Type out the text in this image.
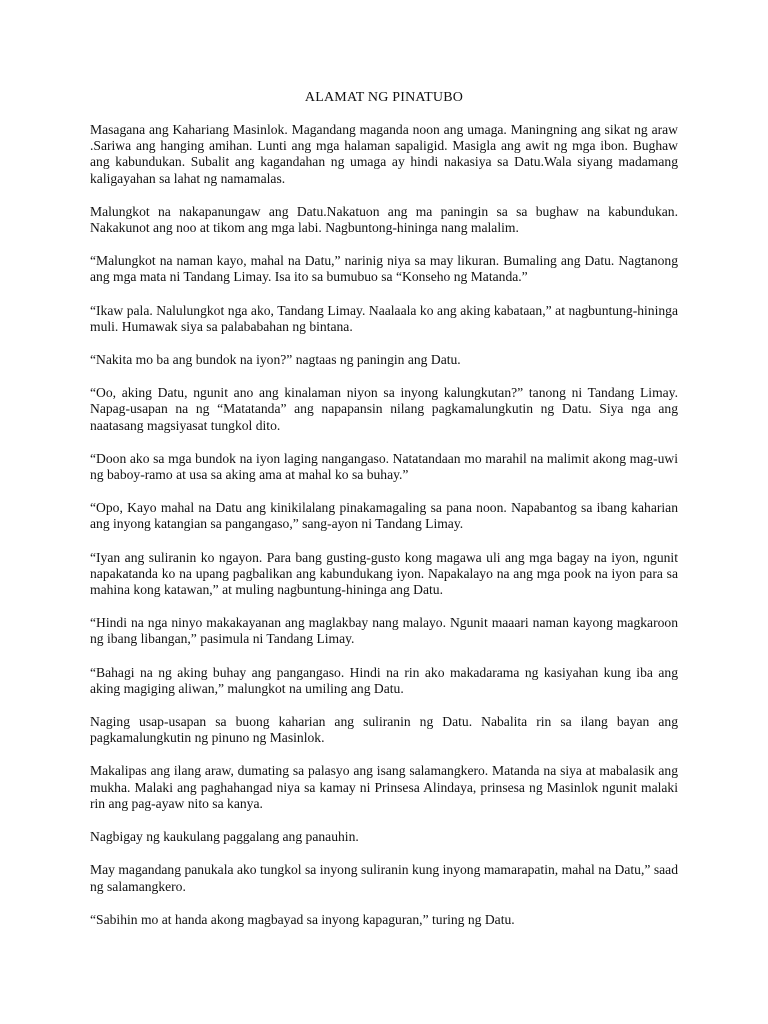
ALAMAT NG PINATUBO

Masagana ang Kahariang Masinlok. Magandang maganda noon ang umaga. Maningning ang sikat ng araw .Sariwa ang hanging amihan. Lunti ang mga halaman sapaligid. Masigla ang awit ng mga ibon. Bughaw ang kabundukan. Subalit ang kagandahan ng umaga ay hindi nakasiya sa Datu.Wala siyang madamang kaligayahan sa lahat ng namamalas.

Malungkot na nakapanungaw ang Datu.Nakatuon ang ma paningin sa sa bughaw na kabundukan. Nakakunot ang noo at tikom ang mga labi. Nagbuntong-hininga nang malalim.

“Malungkot na naman kayo, mahal na Datu,” narinig niya sa may likuran. Bumaling ang Datu. Nagtanong ang mga mata ni Tandang Limay. Isa ito sa bumubuo sa “Konseho ng Matanda.”

“Ikaw pala. Nalulungkot nga ako, Tandang Limay. Naalaala ko ang aking kabataan,” at nagbuntung-hininga muli. Humawak siya sa palababahan ng bintana.

“Nakita mo ba ang bundok na iyon?” nagtaas ng paningin ang Datu.

“Oo, aking Datu, ngunit ano ang kinalaman niyon sa inyong kalungkutan?” tanong ni Tandang Limay. Napag-usapan na ng “Matatanda” ang napapansin nilang pagkamalungkutin ng Datu. Siya nga ang naatasang magsiyasat tungkol dito.

“Doon ako sa mga bundok na iyon laging nangangaso. Natatandaan mo marahil na malimit akong mag-uwi ng baboy-ramo at usa sa aking ama at mahal ko sa buhay.”

“Opo, Kayo mahal na Datu ang kinikilalang pinakamagaling sa pana noon. Napabantog sa ibang kaharian ang inyong katangian sa pangangaso,” sang-ayon ni Tandang Limay.

“Iyan ang suliranin ko ngayon. Para bang gusting-gusto kong magawa uli ang mga bagay na iyon, ngunit napakatanda ko na upang pagbalikan ang kabundukang iyon. Napakalayo na ang mga pook na iyon para sa mahina kong katawan,” at muling nagbuntung-hininga ang Datu.

“Hindi na nga ninyo makakayanan ang maglakbay nang malayo. Ngunit maaari naman kayong magkaroon ng ibang libangan,” pasimula ni Tandang Limay.

“Bahagi na ng aking buhay ang pangangaso. Hindi na rin ako makadarama ng kasiyahan kung iba ang aking magiging aliwan,” malungkot na umiling ang Datu.

Naging usap-usapan sa buong kaharian ang suliranin ng Datu. Nabalita rin sa ilang bayan ang pagkamalungkutin ng pinuno ng Masinlok.

Makalipas ang ilang araw, dumating sa palasyo ang isang salamangkero. Matanda na siya at mabalasik ang mukha. Malaki ang paghahangad niya sa kamay ni Prinsesa Alindaya, prinsesa ng Masinlok ngunit malaki rin ang pag-ayaw nito sa kanya.

Nagbigay ng kaukulang paggalang ang panauhin.

May magandang panukala ako tungkol sa inyong suliranin kung inyong mamarapatin, mahal na Datu,” saad ng salamangkero.

“Sabihin mo at handa akong magbayad sa inyong kapaguran,” turing ng Datu.
